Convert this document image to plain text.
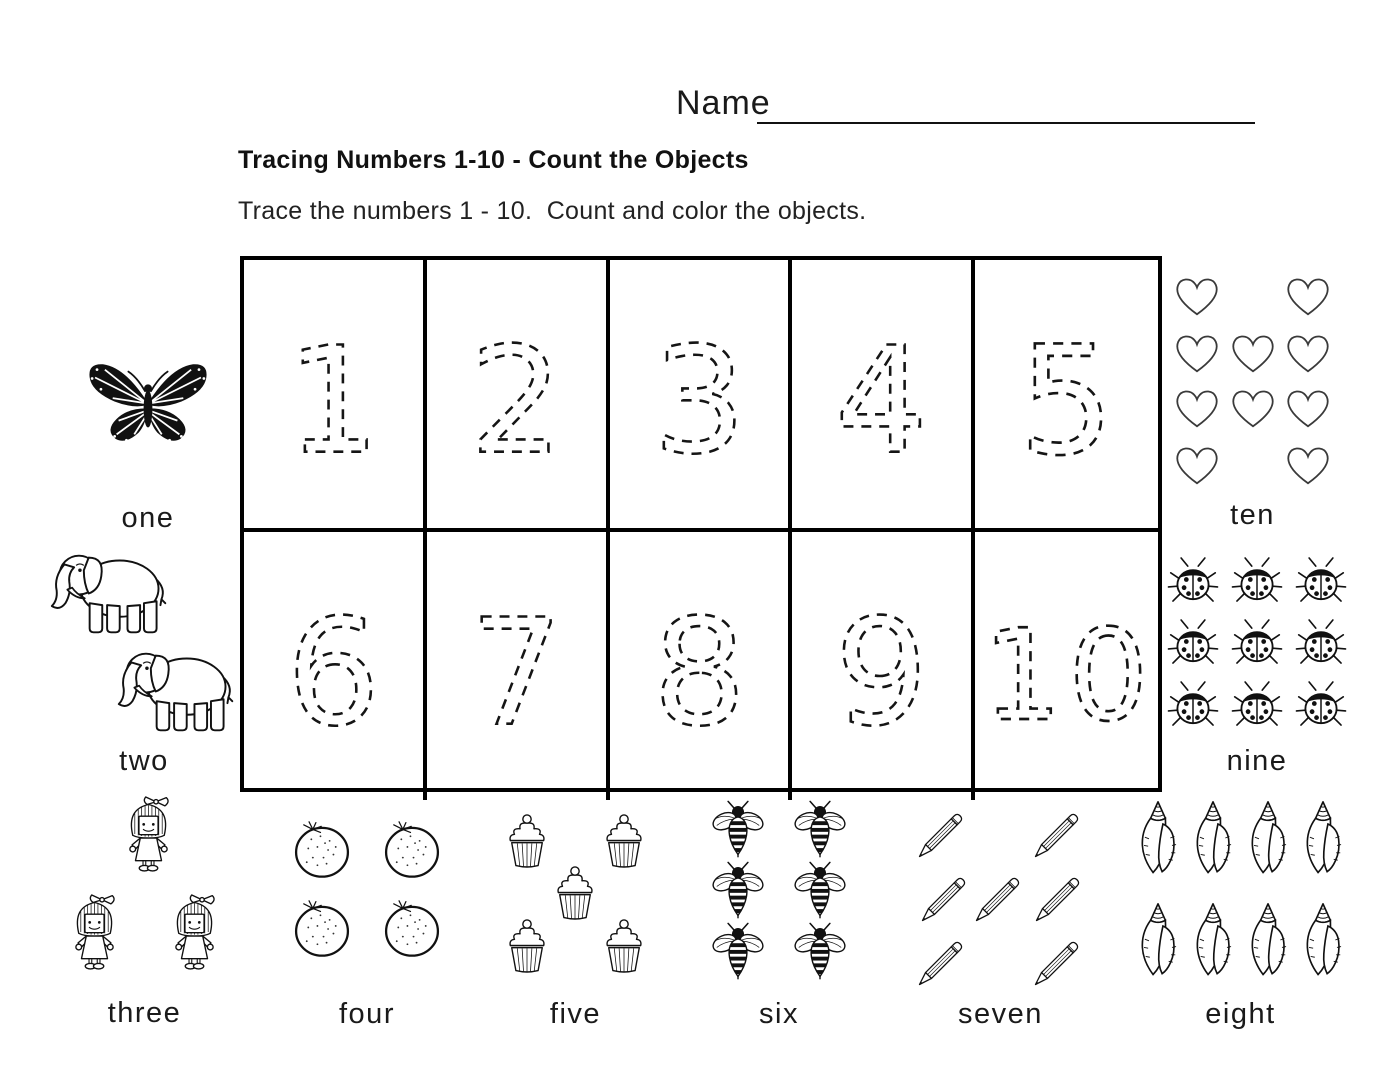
Name
Tracing Numbers 1-10 - Count the Objects
Trace the numbers 1 - 10.  Count and color the objects.
1 2 3 4 5
6 7 8 9 10
one
two
three	four	five	six	seven	eight
nine
ten
